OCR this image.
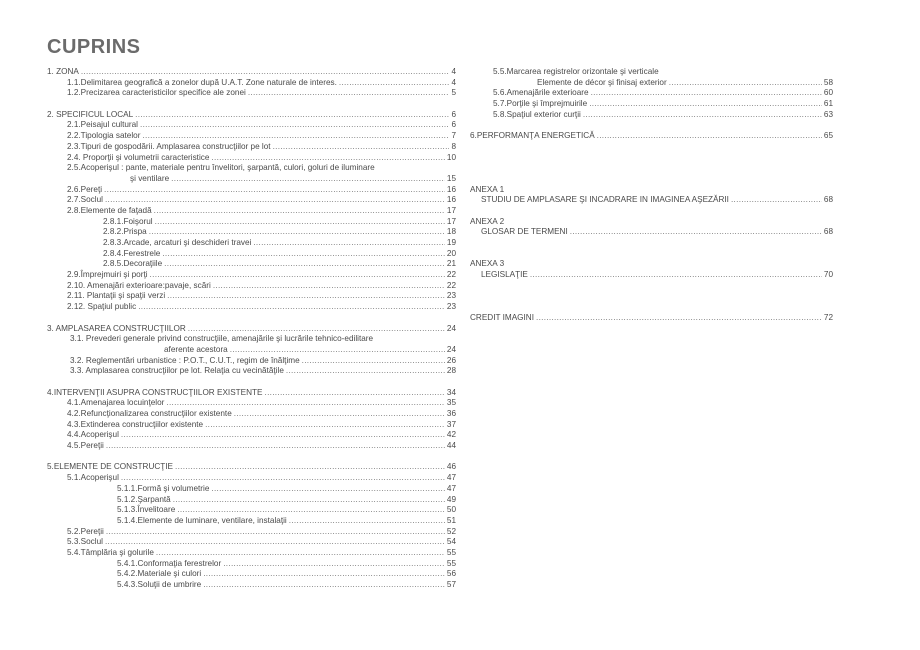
CUPRINS
1. ZONA .....	4
1.1.Delimitarea geografică a zonelor după U.A.T. Zone naturale de interes. .....	4
1.2.Precizarea caracteristicilor specifice ale zonei .....	5
2. SPECIFICUL LOCAL .....	6
2.1.Peisajul cultural .....	6
2.2.Tipologia satelor .....	7
2.3.Tipuri de gospodării. Amplasarea construcţiilor pe lot .....	8
2.4. Proporţii şi volumetrii caracteristice .....	10
2.5.Acoperişul : pante, materiale pentru învelitori, şarpantă, culori, goluri de iluminare
şi ventilare .....	15
2.6.Pereţi .....	16
2.7.Soclul .....	16
2.8.Elemente de faţadă .....	17
2.8.1.Foişorul .....	17
2.8.2.Prispa .....	18
2.8.3.Arcade, arcaturi şi deschideri travei .....	19
2.8.4.Ferestrele .....	20
2.8.5.Decoraţiile .....	21
2.9.Împrejmuiri şi porţi .....	22
2.10. Amenajări exterioare:pavaje, scări .....	22
2.11. Plantaţii şi spaţii verzi .....	23
2.12. Spaţiul public .....	23
3. AMPLASAREA CONSTRUCŢIILOR .....	24
3.1. Prevederi generale privind construcţiile, amenajările şi lucrările tehnico-edilitare
aferente acestora .....	24
3.2. Reglementări urbanistice : P.O.T., C.U.T., regim de înălţime .....	26
3.3. Amplasarea construcţiilor pe lot. Relaţia cu vecinătăţile .....	28
4.INTERVENŢII ASUPRA CONSTRUCŢIILOR EXISTENTE .....	34
4.1.Amenajarea locuinţelor .....	35
4.2.Refuncţionalizarea construcţiilor existente .....	36
4.3.Extinderea construcţiilor existente .....	37
4.4.Acoperişul .....	42
4.5.Pereţii .....	44
5.ELEMENTE DE CONSTRUCŢIE .....	46
5.1.Acoperişul .....	47
5.1.1.Formă şi volumetrie .....	47
5.1.2.Şarpantă .....	49
5.1.3.Învelitoare .....	50
5.1.4.Elemente de luminare, ventilare, instalaţii .....	51
5.2.Pereţii .....	52
5.3.Soclul .....	54
5.4.Tâmplăria şi golurile .....	55
5.4.1.Conformaţia ferestrelor .....	55
5.4.2.Materiale şi culori .....	56
5.4.3.Soluţii de umbrire .....	57
5.5.Marcarea registrelor orizontale şi verticale
Elemente de décor şi finisaj exterior .....	58
5.6.Amenajările exterioare .....	60
5.7.Porţile şi împrejmuirile .....	61
5.8.Spaţiul exterior curţii .....	63
6.PERFORMANŢA ENERGETICĂ .....	65
ANEXA 1
STUDIU DE AMPLASARE ŞI INCADRARE IN IMAGINEA AŞEZĂRII .....	68
ANEXA 2
GLOSAR DE TERMENI .....	68
ANEXA 3
LEGISLAŢIE .....	70
CREDIT IMAGINI .....	72
